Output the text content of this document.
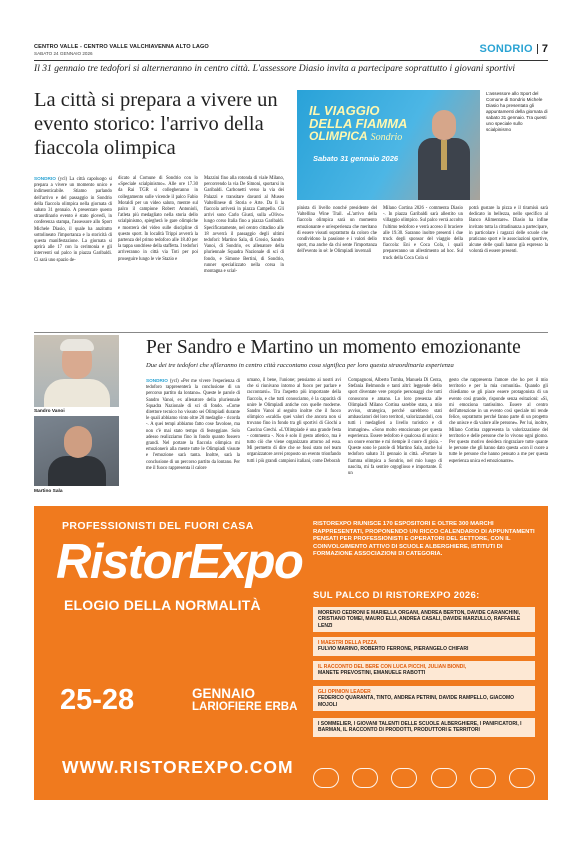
CENTRO VALLE - CENTRO VALLE VALCHIAVENNA ALTO LAGO
SABATO 24 GENNAIO 2026	SONDRIO 7
Il 31 gennaio tre tedofori si alterneranno in centro città. L'assessore Diasio invita a partecipare soprattutto i giovani sportivi
La città si prepara a vivere un evento storico: l'arrivo della fiaccola olimpica
IL VIAGGIO
DELLA FIAMMA
OLIMPICA Sondrio
Sabato 31 gennaio 2026
L'assessore allo Sport del Comune di Sondrio Michele Diasio ha presentato gli appuntamenti della giornata di sabato 31 gennaio. Tra questi uno speciale sullo scialpinismo
SONDRIO (ycl) La città capoluogo si prepara a vivere un momento unico e indimenticabile. Stiamo parlando dell'arrivo e del passaggio in Sondrio della fiaccola olimpica nella giornata di sabato 31 gennaio. A presentare questo straordinario evento è stato giovedì, in conferenza stampa, l'assessore allo Sport Michele Diasio, il quale ha anzitutto sottolineato l'importanza e la storicità di questa manifestazione. La giornata si aprirà alle 17 con la cerimonia e gli interventi sul palco in piazza Garibaldi. Ci sarà uno spazio de-
dicato al Comune di Sondrio con lo «Speciale scialpinismo». Alle ore 17.30 da Rai TGR si collegheranno in collegamento sulle vicende il palco Fabio Moraldi per un video saluto, mentre sul palco il campione Robert Antonioli, l'atleta più medagliato nella storia dello scialpinismo, spiegherà le gare olimpiche e mostrerà del video sulle discipline di questo sport. In località Trippi avverrà la partenza del primo tedoforo alle 18.40 per la tappa sondriese della staffetta. I tedofori arriveranno in città via Toti per poi proseguire lungo le vie Stazio e
Mazzini fino alla rotonda di viale Milano, percorrendo la via De Simoni, sportarsi in Garibaldi. Carbonetti verso la via dei Palazzi e transitare davanti al Museo Valtellinese di Storia e Arte. Da lì la fiaccola arriverà in piazza Campello. Gli arrivi sono Carlo Giusti, sulla «Olivo» lungo corso Italia fino a piazza Garibaldi. Specificatamente, nel centro cittadino alle 18 avverrà il passaggio degli ultimi tedofori: Martino Sala, di Grosio, Sandro Vanoi, di Sondrio, ex allenatore della pluriennale Squadra Nazionale di sci di fondo, e Simone Bertini, di Sondrio, runner specializzato nella corsa in montagna e scial-
pinista di livello nonché presidente del Valtellina Wine Trail. «L'arrivo della fiaccola olimpica sarà un momento emozionante e un'esperienza che meritano di essere vissuti soprattutto da coloro che condividono la passione e i valori dello sport, ma anche da chi sente l'importanza dell'evento in sé: le Olimpiadi invernali
Milano Cortina 2026 - commenta Diasio -. In piazza Garibaldi sarà allestito un villaggio olimpico. Sul palco verrà accolto l'ultimo tedoforo e verrà acceso il braciere alle 19.30. Saranno inoltre presenti i due truck degli sponsor del viaggio della fiaccola: Eni e Coca Cola, i quali prepareranno un allestimento ad hoc. Sul truck della Coca Cola si
potrà gustare la pizza e il tiramisù sarà dedicato in bellezza, nello specifico al Banco Alimentare». Diasio ha infine invitato tutta la cittadinanza a partecipare, in particolare i ragazzi delle scuole che praticano sport e le associazioni sportive, alcune delle quali hanno già espresso la volontà di essere presenti.
Sandro Vanoi
Martino Sala
Per Sandro e Martino un momento emozionante
Due dei tre tedofori che sfileranno in centro città raccontano cosa significa per loro questa straordinaria esperienza
SONDRIO (ycl) «Per me vivere l'esperienza di tedoforo rappresenterà la conclusione di un percorso partito da lontano». Queste le parole di Sandro Vanoi, ex allenatore della pluriennale Squadra Nazionale di sci di fondo. «Come direttore tecnico ho vissuto sei Olimpiadi durante le quali abbiamo vinto oltre 20 medaglie - ricorda -. A quei tempi abbiamo fatto cose favolose, ma non c'è mai stato tempo di festeggiare. Solo adesso realizziamo fino in fondo quanto fossero grandi. Nel portare la fiaccola olimpica mi emozionerò alla mente tutte le Olimpiadi vissute e l'emozione sarà tanta. Inoltre, sarà la conclusione di un percorso partito da lontano. Per me il fuoco rappresenta il calore
umano, il bene, l'unione; pensiamo ai nostri avi che si riunivano intorno al fuoco per parlare e raccontarsi». Tra l'aspetto più importante della fiaccola, e che tutti conosciamo, è la capacità di unire le Olimpiadi antiche con quelle moderne. Sandro Vanoi al seguito inoltre che il fuoco olimpico «scaldi» quei valori che ancora non si trovano fino in fondo tra gli sportivi di Giochi a Cascina Grechi. «L'Olimpiade è una grande festa - commenta -. Non è solo il gesto atletico, ma è tutto ciò che viene organizzato attorno ad essa. Mi permetto di dire che se fossi stato nel team organizzatore avrei proposto un evento trionfando tutti i più grandi campioni italiani, come Deborah
Compagnoni, Alberto Tomba, Manuela Di Centa, Stefania Belmondo e tanti altri: leggende dello sport diventate vere proprie personaggi che tutti conoscono e amano. Lo loro presenza alle Olimpiadi Milano Cortina sarebbe stata, a mio avviso, strategica, perché sarebbero stati ambasciatori del loro territori, valorizzandoli, con tutti i medaglieri a livello turistico e di immagine». «Sono molto emozionato per questa esperienza. Essere tedoforo è qualcosa di unico: è un onore enorme e mi riempie il cuore di gioia. - Queste sono le parole di Martino Sala, anche lui tedoforo sabato 31 gennaio in città. «Portare la fiamma olimpica a Sondrio, nel mio luogo di nascita, mi fa sentire orgoglioso e importante. È un
gesto che rappresenta l'amore che ho per il mio territorio e per la mia comunità». Quando gli chiediamo se gli piace essere protagonista di un evento così grande, risponde senza esitazioni: «Sì, mi emoziona tantissimo. Essere al centro dell'attenzione in un evento così speciale mi rende felice, soprattutto perché fanno parte di un progetto che unisce e dà valore alle persone». Per lui, inoltre, Milano Cortina rappresenta la valorizzazione del territorio e delle persone che lo vivono ogni giorno. Per questo motivo desidera ringraziare tutte quante le persone che gli hanno dato questa «con il cuore a tutte le persone che hanno pensato a me per questa esperienza unica ed emozionante».
PROFESSIONISTI DEL FUORI CASA
RistorExpo
ELOGIO DELLA NORMALITÀ
25-28	GENNAIO
LARIOFIERE ERBA
WWW.RISTOREXPO.COM
RISTOREXPO RIUNISCE 170 ESPOSITORI E OLTRE 300 MARCHI RAPPRESENTATI, PROPONENDO UN RICCO CALENDARIO DI APPUNTAMENTI PENSATI PER PROFESSIONISTI E OPERATORI DEL SETTORE, CON IL COINVOLGIMENTO ATTIVO DI SCUOLE ALBERGHIERE, ISTITUTI DI FORMAZIONE ASSOCIAZIONI DI CATEGORIA.
SUL PALCO DI RISTOREXPO 2026:
MORENO CEDRONI E MARIELLA ORGANI, ANDREA BERTON, DAVIDE CARANCHINI, CRISTIANO TOMEI, MAURO ELLI, ANDREA CASALI, DAVIDE MARZULLO, RAFFAELE LENZI
I MAESTRI DELLA PIZZA
FULVIO MARINO, ROBERTO FERRONE, PIERANGELO CHIFARI
IL RACCONTO DEL BERE CON LUCA PICCHI, JULIAN BIONDI,
MANETE PREVOSTINI, EMANUELE RABOTTI
GLI OPINION LEADER
FEDERICO QUARANTA, TINTO, ANDREA PETRINI, DAVIDE RAMPELLO, GIACOMO MOJOLI
I SOMMELIER, I GIOVANI TALENTI DELLE SCUOLE ALBERGHIERE, I PANIFICATORI, I BARMAN, IL RACCONTO DI PRODOTTI, PRODUTTORI E TERRITORI
